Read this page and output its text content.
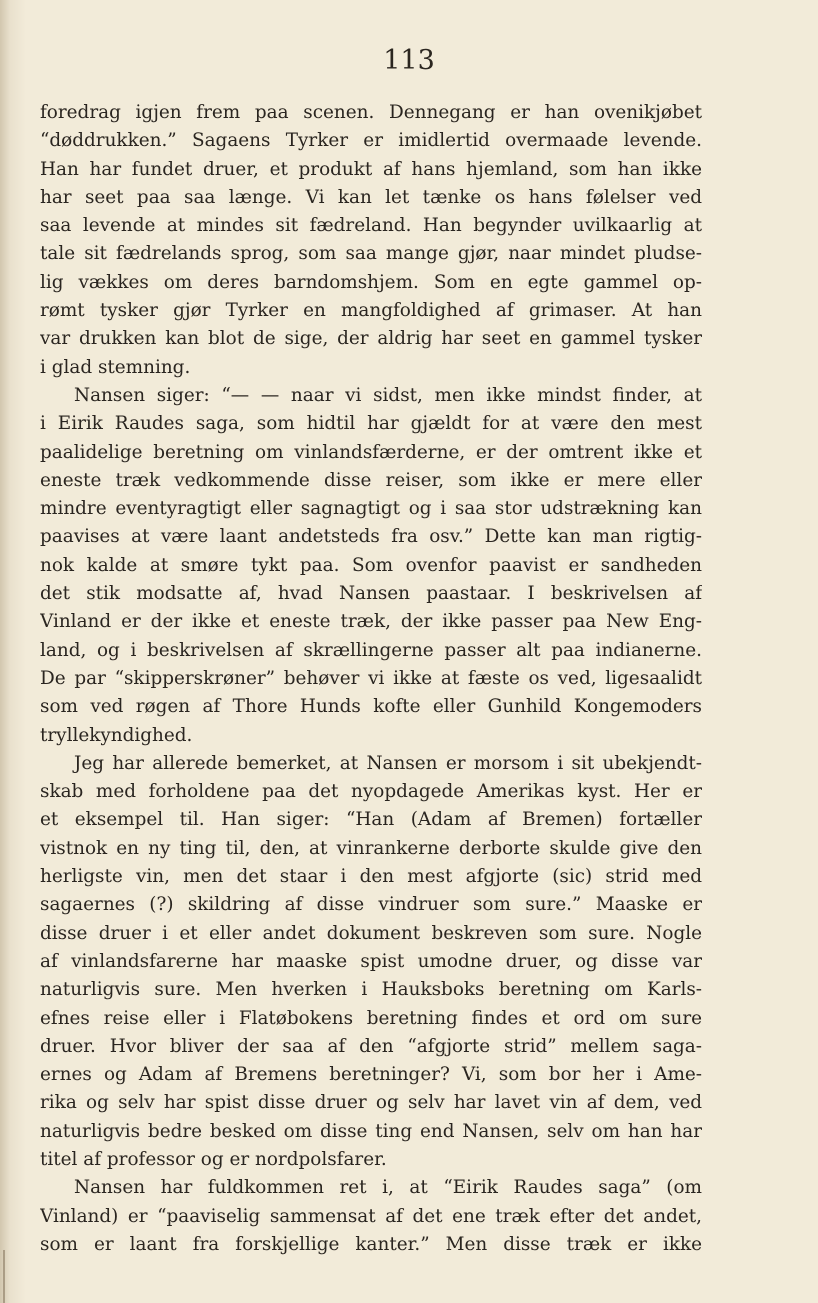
113

foredrag igjen frem paa scenen. Dennegang er han ovenikjøbet
“døddrukken.” Sagaens Tyrker er imidlertid overmaade levende.
Han har fundet druer, et produkt af hans hjemland, som han ikke
har seet paa saa længe. Vi kan let tænke os hans følelser ved
saa levende at mindes sit fædreland. Han begynder uvilkaarlig at
tale sit fædrelands sprog, som saa mange gjør, naar mindet pludse-
lig vækkes om deres barndomshjem. Som en egte gammel op-
rømt tysker gjør Tyrker en mangfoldighed af grimaser. At han
var drukken kan blot de sige, der aldrig har seet en gammel tysker
i glad stemning.
Nansen siger: “— — naar vi sidst, men ikke mindst finder, at
i Eirik Raudes saga, som hidtil har gjældt for at være den mest
paalidelige beretning om vinlandsfærderne, er der omtrent ikke et
eneste træk vedkommende disse reiser, som ikke er mere eller
mindre eventyragtigt eller sagnagtigt og i saa stor udstrækning kan
paavises at være laant andetsteds fra osv.” Dette kan man rigtig-
nok kalde at smøre tykt paa. Som ovenfor paavist er sandheden
det stik modsatte af, hvad Nansen paastaar. I beskrivelsen af
Vinland er der ikke et eneste træk, der ikke passer paa New Eng-
land, og i beskrivelsen af skrællingerne passer alt paa indianerne.
De par “skipperskrøner” behøver vi ikke at fæste os ved, ligesaalidt
som ved røgen af Thore Hunds kofte eller Gunhild Kongemoders
tryllekyndighed.
Jeg har allerede bemerket, at Nansen er morsom i sit ubekjendt-
skab med forholdene paa det nyopdagede Amerikas kyst. Her er
et eksempel til. Han siger: “Han (Adam af Bremen) fortæller
vistnok en ny ting til, den, at vinrankerne derborte skulde give den
herligste vin, men det staar i den mest afgjorte (sic) strid med
sagaernes (?) skildring af disse vindruer som sure.” Maaske er
disse druer i et eller andet dokument beskreven som sure. Nogle
af vinlandsfarerne har maaske spist umodne druer, og disse var
naturligvis sure. Men hverken i Hauksboks beretning om Karls-
efnes reise eller i Flatøbokens beretning findes et ord om sure
druer. Hvor bliver der saa af den “afgjorte strid” mellem saga-
ernes og Adam af Bremens beretninger? Vi, som bor her i Ame-
rika og selv har spist disse druer og selv har lavet vin af dem, ved
naturligvis bedre besked om disse ting end Nansen, selv om han har
titel af professor og er nordpolsfarer.
Nansen har fuldkommen ret i, at “Eirik Raudes saga” (om
Vinland) er “paaviselig sammensat af det ene træk efter det andet,
som er laant fra forskjellige kanter.” Men disse træk er ikke
